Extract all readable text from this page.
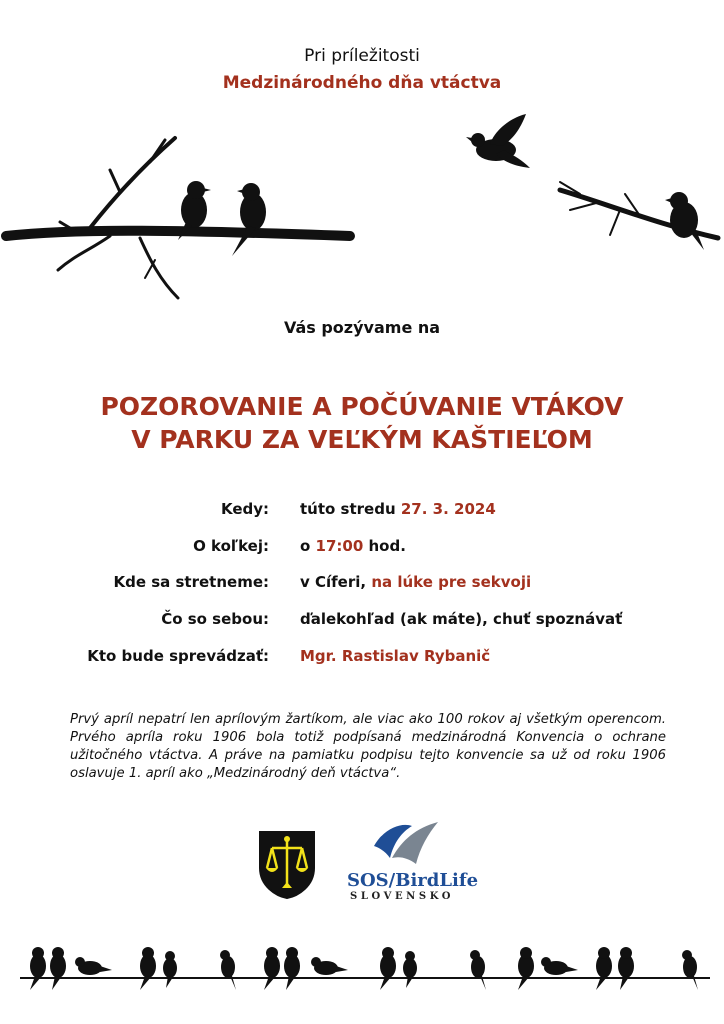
Pri príležitosti
Medzinárodného dňa vtáctva
Vás pozývame na
POZOROVANIE A POČÚVANIE VTÁKOV
V PARKU ZA VEĽKÝM KAŠTIEĽOM
Kedy: túto stredu 27. 3. 2024
O koľkej: o 17:00 hod.
Kde sa stretneme: v Cíferi, na lúke pre sekvoji
Čo so sebou: ďalekohľad (ak máte), chuť spoznávať
Kto bude sprevádzať: Mgr. Rastislav Rybanič
Prvý apríl nepatrí len aprílovým žartíkom, ale viac ako 100 rokov aj všetkým operencom. Prvého apríla roku 1906 bola totiž podpísaná medzinárodná Konvencia o ochrane užitočného vtáctva. A práve na pamiatku podpisu tejto konvencie sa už od roku 1906 oslavuje 1. apríl ako „Medzinárodný deň vtáctva“.
SOS/BirdLife
SLOVENSKO
